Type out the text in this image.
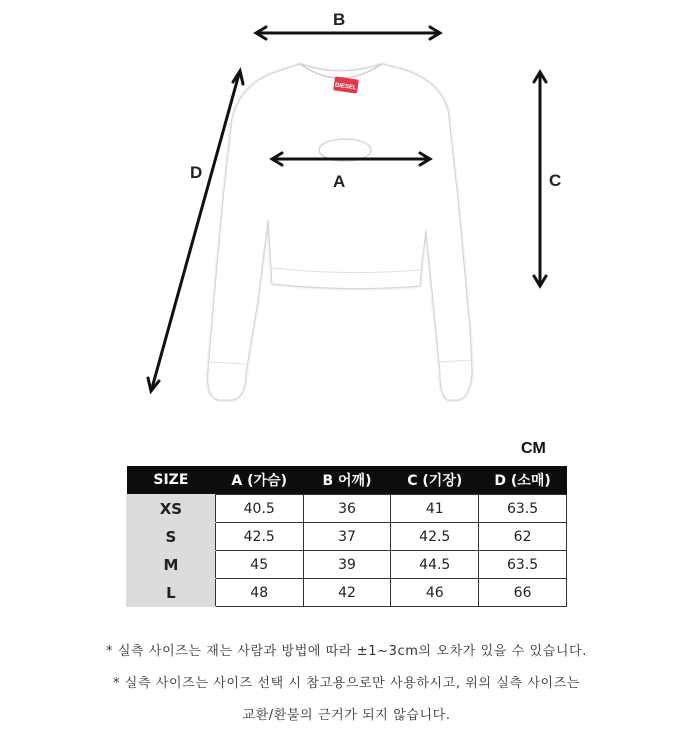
DIESEL
B
A	C
D
CM
SIZE	A (가슴)	B 어깨)	C (기장)	D (소매)
XS	40.5	36	41	63.5
S	42.5	37	42.5	62
M	45	39	44.5	63.5
L	48	42	46	66

* 실측 사이즈는 재는 사람과 방법에 따라 ±1~3cm의 오차가 있을 수 있습니다.

* 실측 사이즈는 사이즈 선택 시 참고용으로만 사용하시고, 위의 실측 사이즈는

교환/환불의 근거가 되지 않습니다.
